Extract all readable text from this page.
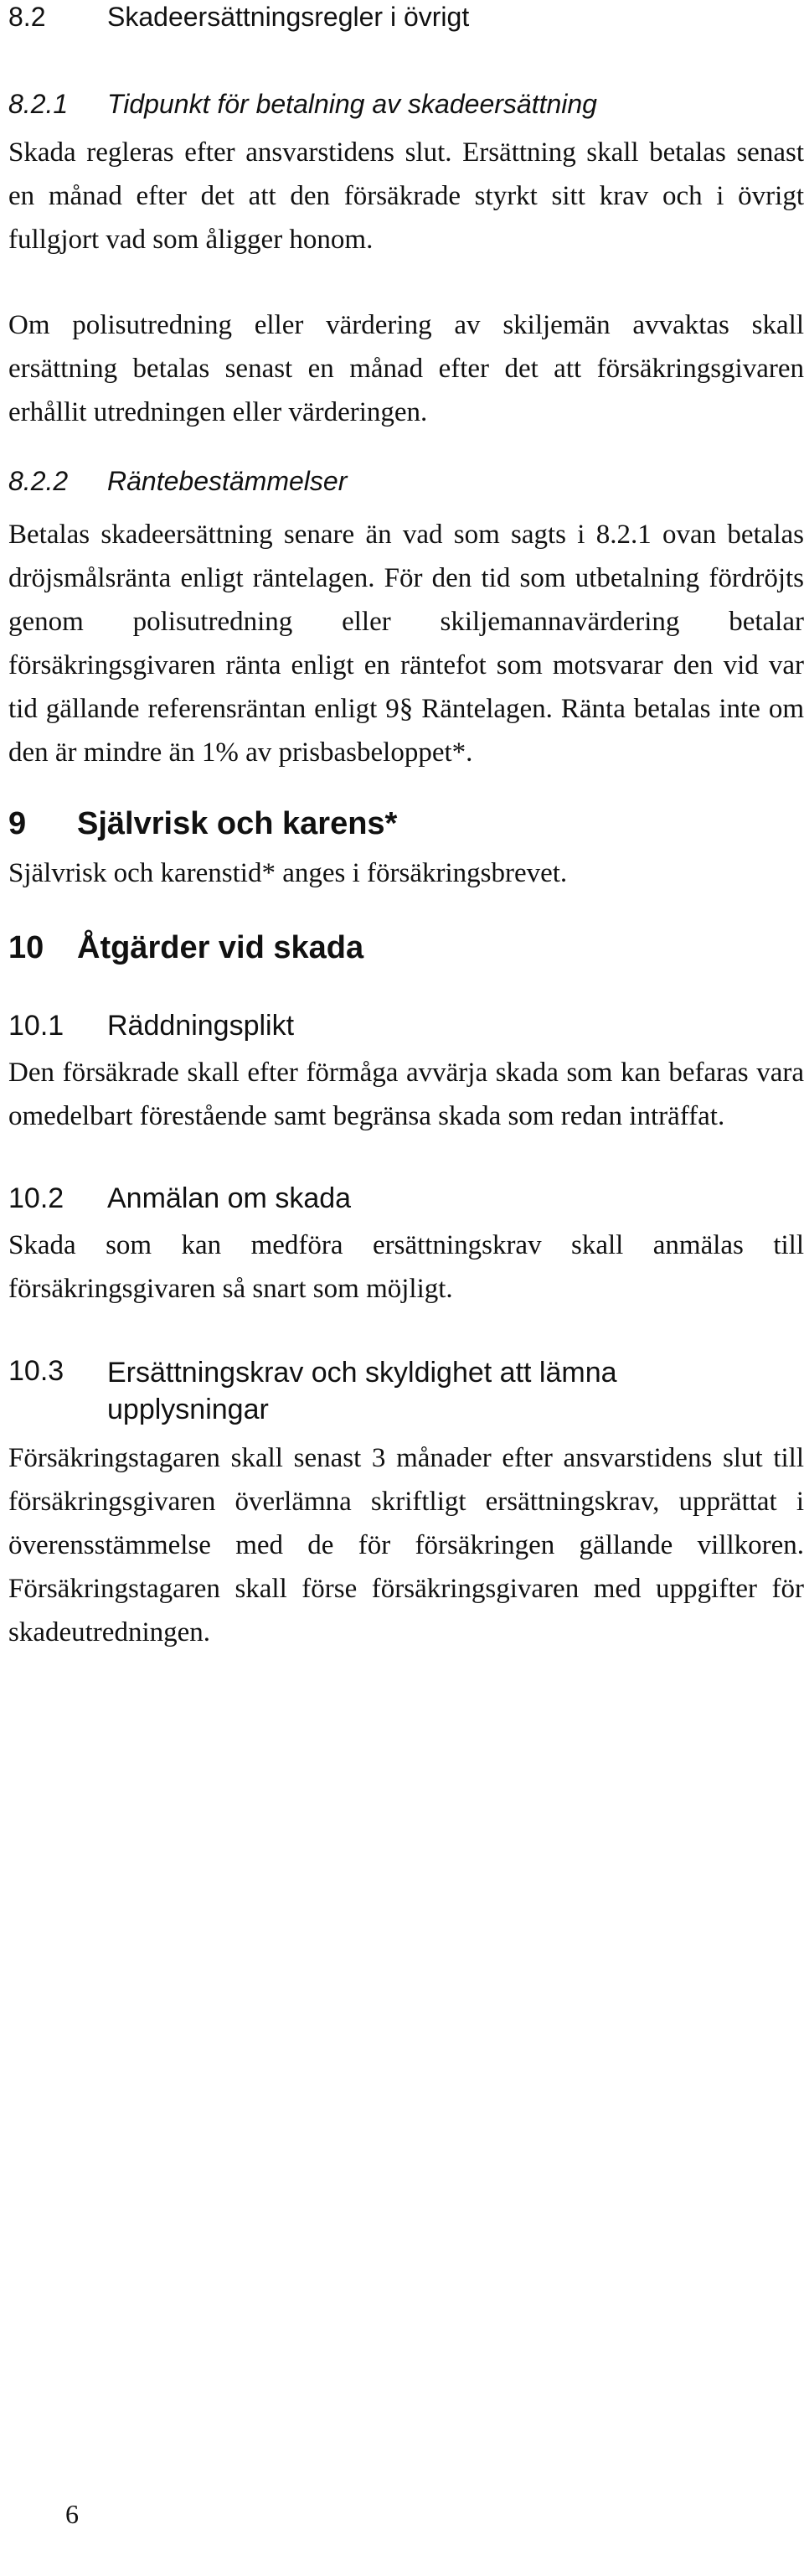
8.2	Skadeersättningsregler i övrigt
8.2.1	Tidpunkt för betalning av skadeersättning

Skada regleras efter ansvarstidens slut. Ersättning skall betalas senast en månad efter det att den försäkrade styrkt sitt krav och i övrigt fullgjort vad som åligger honom.

Om polisutredning eller värdering av skiljemän avvaktas skall ersättning betalas senast en månad efter det att försäkringsgivaren erhållit utredningen eller värderingen.

8.2.2	Räntebestämmelser

Betalas skadeersättning senare än vad som sagts i 8.2.1 ovan betalas dröjsmålsränta enligt räntelagen. För den tid som utbetalning fördröjts genom polisutredning eller skiljemannavärdering betalar försäkringsgivaren ränta enligt en räntefot som motsvarar den vid var tid gällande referensräntan enligt 9§ Räntelagen. Ränta betalas inte om den är mindre än 1% av prisbasbeloppet*.

9	Självrisk och karens*

Självrisk och karenstid* anges i försäkringsbrevet.

10	Åtgärder vid skada
10.1	Räddningsplikt

Den försäkrade skall efter förmåga avvärja skada som kan befaras vara omedelbart förestående samt begränsa skada som redan inträffat.

10.2	Anmälan om skada

Skada som kan medföra ersättningskrav skall anmälas till försäkringsgivaren så snart som möjligt.

10.3	Ersättningskrav och skyldighet att lämna
upplysningar

Försäkringstagaren skall senast 3 månader efter ansvarstidens slut till försäkringsgivaren överlämna skriftligt ersättningskrav, upprättat i överensstämmelse med de för försäkringen gällande villkoren. Försäkringstagaren skall förse försäkringsgivaren med uppgifter för skadeutredningen.

6
